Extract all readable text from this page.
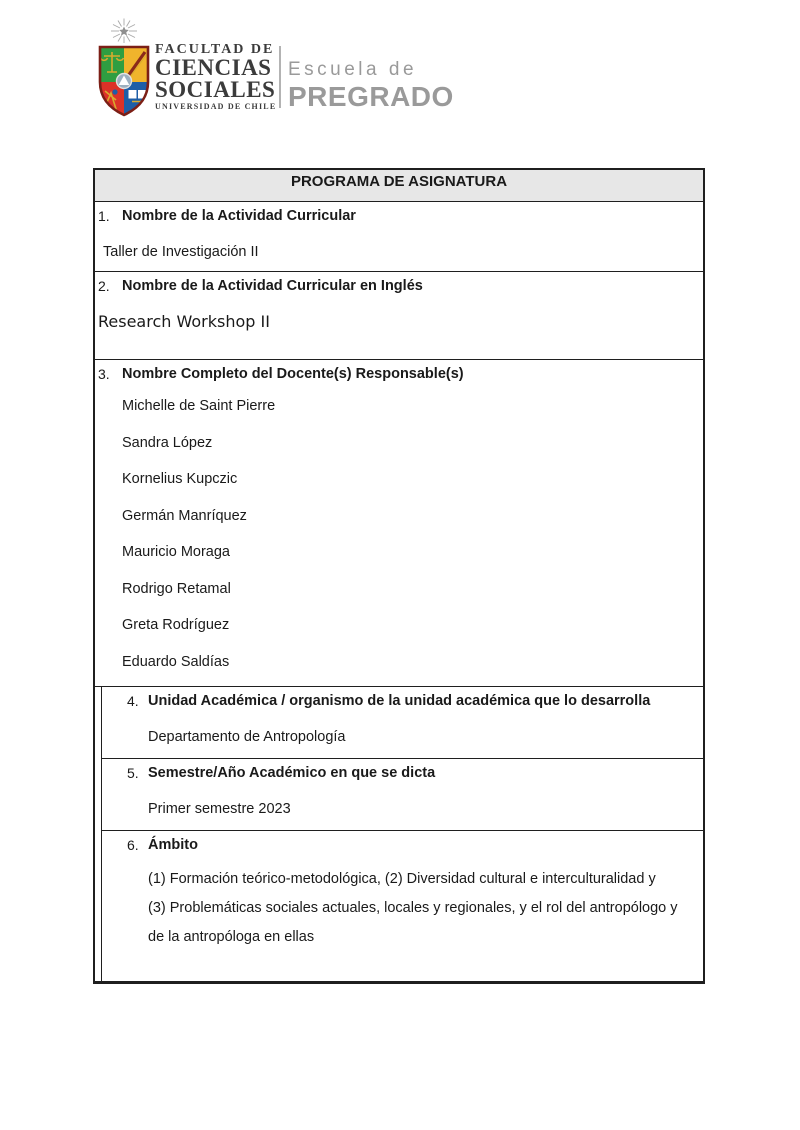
FACULTAD DE
CIENCIAS
SOCIALES
UNIVERSIDAD DE CHILE
Escuela de
PREGRADO
PROGRAMA DE ASIGNATURA
1. Nombre de la Actividad Curricular
Taller de Investigación II
2. Nombre de la Actividad Curricular en Inglés
Research Workshop II
3. Nombre Completo del Docente(s) Responsable(s)
Michelle de Saint Pierre
Sandra López
Kornelius Kupczic
Germán Manríquez
Mauricio Moraga
Rodrigo Retamal
Greta Rodríguez
Eduardo Saldías
4. Unidad Académica / organismo de la unidad académica que lo desarrolla
Departamento de Antropología
5. Semestre/Año Académico en que se dicta
Primer semestre 2023
6. Ámbito
(1) Formación teórico-metodológica, (2) Diversidad cultural e interculturalidad y
(3) Problemáticas sociales actuales, locales y regionales, y el rol del antropólogo y
de la antropóloga en ellas
